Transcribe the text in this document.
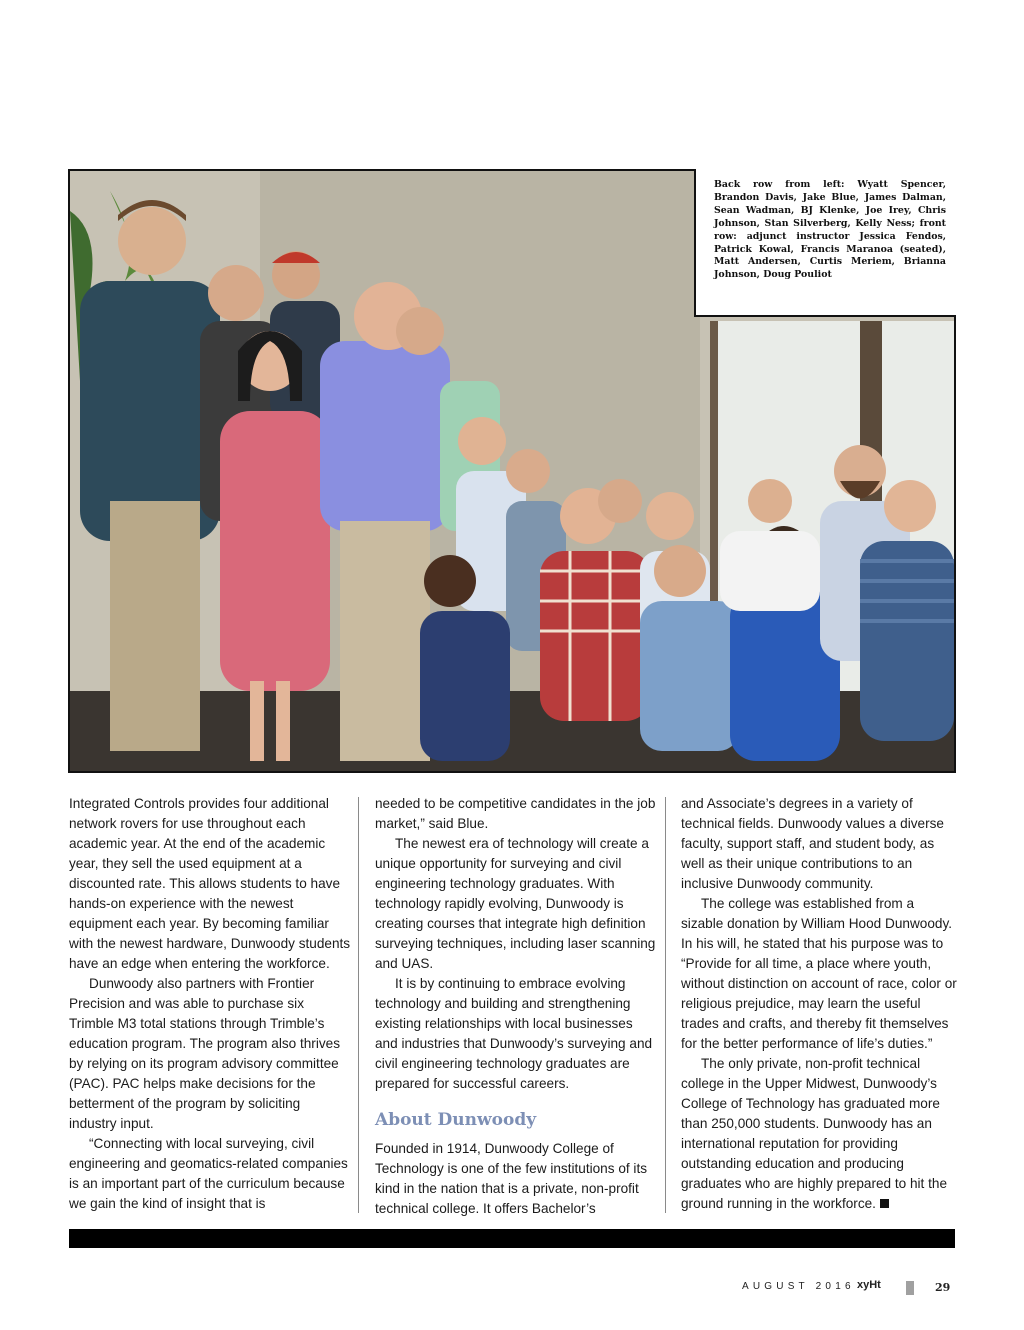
Back row from left: Wyatt Spencer, Brandon Davis, Jake Blue, James Dalman, Sean Wadman, BJ Klenke, Joe Irey, Chris Johnson, Stan Silverberg, Kelly Ness; front row: adjunct instructor Jessica Fendos, Patrick Kowal, Francis Maranoa (seated), Matt Andersen, Curtis Meriem, Brianna Johnson, Doug Pouliot

Integrated Controls provides four additional network rovers for use throughout each academic year. At the end of the academic year, they sell the used equipment at a discounted rate. This allows students to have hands-on experience with the newest equipment each year. By becoming familiar with the newest hardware, Dunwoody students have an edge when entering the workforce.

Dunwoody also partners with Frontier Precision and was able to purchase six Trimble M3 total stations through Trimble’s education program. The program also thrives by relying on its program advisory committee (PAC). PAC helps make decisions for the betterment of the program by soliciting industry input.

“Connecting with local surveying, civil engineering and geomatics-related companies is an important part of the curriculum because we gain the kind of insight that is

needed to be competitive candidates in the job market,” said Blue.

The newest era of technology will create a unique opportunity for surveying and civil engineering technology graduates. With technology rapidly evolving, Dunwoody is creating courses that integrate high definition surveying techniques, including laser scanning and UAS.

It is by continuing to embrace evolving technology and building and strengthening existing relationships with local businesses and industries that Dunwoody’s surveying and civil engineering technology graduates are prepared for successful careers.

About Dunwoody

Founded in 1914, Dunwoody College of Technology is one of the few institutions of its kind in the nation that is a private, non-profit technical college. It offers Bachelor’s

and Associate’s degrees in a variety of technical fields. Dunwoody values a diverse faculty, support staff, and student body, as well as their unique contributions to an inclusive Dunwoody community.

The college was established from a sizable donation by William Hood Dunwoody. In his will, he stated that his purpose was to “Provide for all time, a place where youth, without distinction on account of race, color or religious prejudice, may learn the useful trades and crafts, and thereby fit themselves for the better performance of life’s duties.”

The only private, non-profit technical college in the Upper Midwest, Dunwoody’s College of Technology has graduated more than 250,000 students. Dunwoody has an international reputation for providing outstanding education and producing graduates who are highly prepared to hit the ground running in the workforce.

AUGUST 2016 xyHt	29
